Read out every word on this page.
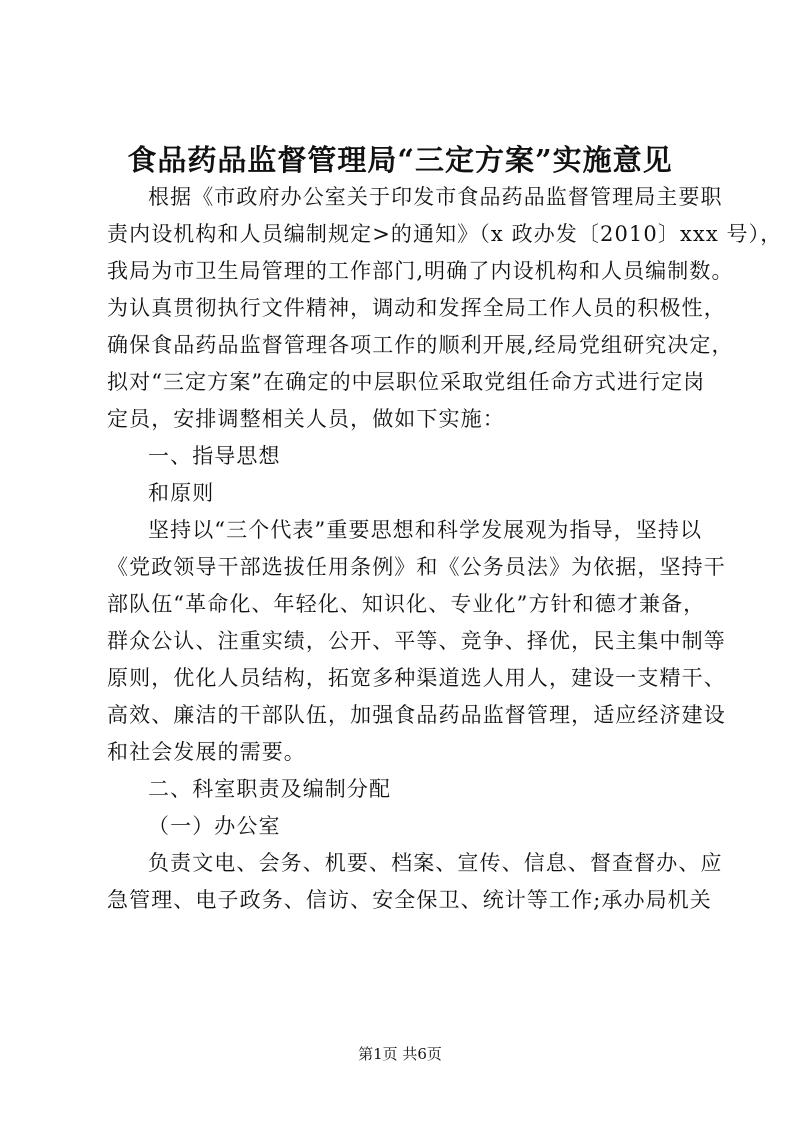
食品药品监督管理局“三定方案”实施意见
根据《市政府办公室关于印发市食品药品监督管理局主要职
责内设机构和人员编制规定>的通知》（x 政办发〔2010〕xxx 号），
我局为市卫生局管理的工作部门,明确了内设机构和人员编制数。
为认真贯彻执行文件精神，调动和发挥全局工作人员的积极性，
确保食品药品监督管理各项工作的顺利开展,经局党组研究决定，
拟对“三定方案”在确定的中层职位采取党组任命方式进行定岗
定员，安排调整相关人员，做如下实施：
一、指导思想
和原则
坚持以“三个代表”重要思想和科学发展观为指导，坚持以
《党政领导干部选拔任用条例》和《公务员法》为依据，坚持干
部队伍“革命化、年轻化、知识化、专业化”方针和德才兼备，
群众公认、注重实绩，公开、平等、竞争、择优，民主集中制等
原则，优化人员结构，拓宽多种渠道选人用人，建设一支精干、
高效、廉洁的干部队伍，加强食品药品监督管理，适应经济建设
和社会发展的需要。
二、科室职责及编制分配
（一）办公室
负责文电、会务、机要、档案、宣传、信息、督查督办、应
急管理、电子政务、信访、安全保卫、统计等工作;承办局机关
第1页 共6页
